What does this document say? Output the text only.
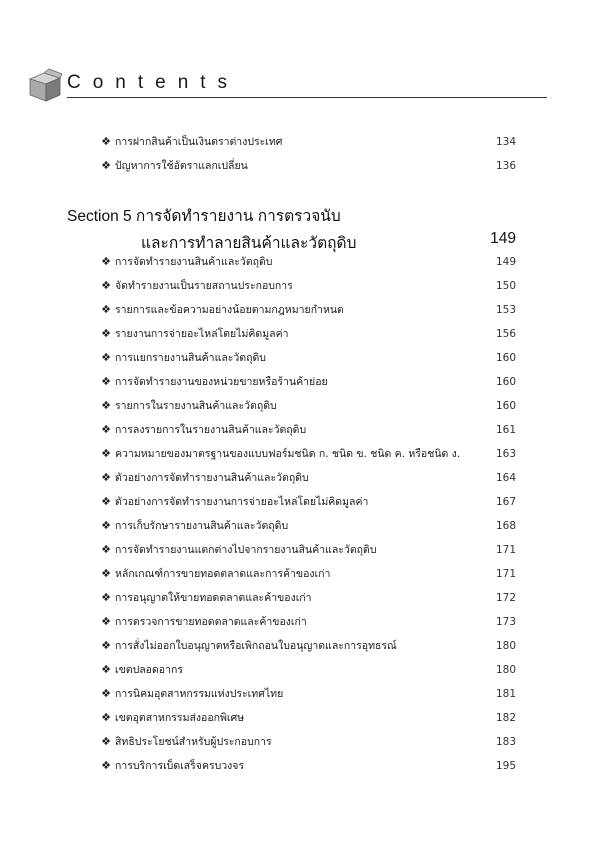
Contents
❖ การฝากสินค้าเป็นเงินตราต่างประเทศ	134
❖ ปัญหาการใช้อัตราแลกเปลี่ยน	136
Section 5 การจัดทำรายงาน การตรวจนับ
และการทำลายสินค้าและวัตถุดิบ	149
❖ การจัดทำรายงานสินค้าและวัตถุดิบ	149
❖ จัดทำรายงานเป็นรายสถานประกอบการ	150
❖ รายการและข้อความอย่างน้อยตามกฎหมายกำหนด	153
❖ รายงานการจ่ายอะไหล่โดยไม่คิดมูลค่า	156
❖ การแยกรายงานสินค้าและวัตถุดิบ	160
❖ การจัดทำรายงานของหน่วยขายหรือร้านค้าย่อย	160
❖ รายการในรายงานสินค้าและวัตถุดิบ	160
❖ การลงรายการในรายงานสินค้าและวัตถุดิบ	161
❖ ความหมายของมาตรฐานของแบบฟอร์มชนิด ก. ชนิด ข. ชนิด ค. หรือชนิด ง.	163
❖ ตัวอย่างการจัดทำรายงานสินค้าและวัตถุดิบ	164
❖ ตัวอย่างการจัดทำรายงานการจ่ายอะไหล่โดยไม่คิดมูลค่า	167
❖ การเก็บรักษารายงานสินค้าและวัตถุดิบ	168
❖ การจัดทำรายงานแตกต่างไปจากรายงานสินค้าและวัตถุดิบ	171
❖ หลักเกณฑ์การขายทอดตลาดและการค้าของเก่า	171
❖ การอนุญาตให้ขายทอดตลาดและค้าของเก่า	172
❖ การตรวจการขายทอดตลาดและค้าของเก่า	173
❖ การสั่งไม่ออกใบอนุญาตหรือเพิกถอนใบอนุญาตและการอุทธรณ์	180
❖ เขตปลอดอากร	180
❖ การนิคมอุตสาหกรรมแห่งประเทศไทย	181
❖ เขตอุตสาหกรรมส่งออกพิเศษ	182
❖ สิทธิประโยชน์สำหรับผู้ประกอบการ	183
❖ การบริการเบ็ดเสร็จครบวงจร	195
